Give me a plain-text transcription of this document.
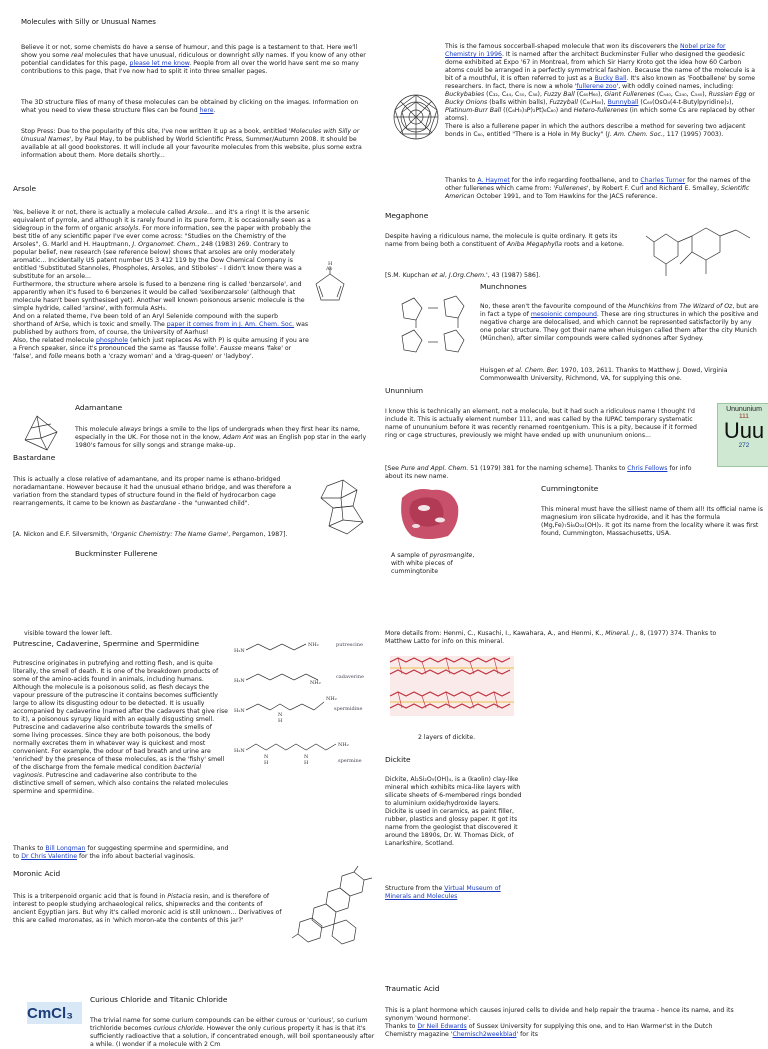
Molecules with Silly or Unusual Names

Believe it or not, some chemists do have a sense of humour, and this page is a testament to that. Here we'll show you some real molecules that have unusual, ridiculous or downright silly names. If you know of any other potential candidates for this page, please let me know. People from all over the world have sent me so many contributions to this page, that I've now had to split it into three smaller pages.

The 3D structure files of many of these molecules can be obtained by clicking on the images. Information on what you need to view these structure files can be found here.

Stop Press: Due to the popularity of this site, I've now written it up as a book, entitled 'Molecules with Silly or Unusual Names', by Paul May, to be published by World Scientific Press, Summer/Autumn 2008. It should be available at all good bookstores. It will include all your favourite molecules from this website, plus some extra information about them. More details shortly...

Arsole

Yes, believe it or not, there is actually a molecule called Arsole... and it's a ring! It is the arsenic equivalent of pyrrole, and although it is rarely found in its pure form, it is occasionally seen as a sidegroup in the form of organic arsolyls. For more information, see the paper with probably the best title of any scientific paper I've ever come across: "Studies on the Chemistry of the Arsoles", G. Markl and H. Hauptmann, J. Organomet. Chem., 248 (1983) 269. Contrary to popular belief, new research (see reference below) shows that arsoles are only moderately aromatic... Incidentally US patent number US 3 412 119 by the Dow Chemical Company is entitled 'Substituted Stannoles, Phospholes, Arsoles, and Stiboles' - I didn't know there was a substitute for an arsole...
Furthermore, the structure where arsole is fused to a benzene ring is called 'benzarsole', and apparently when it's fused to 6 benzenes it would be called 'sexibenzarsole' (although that molecule hasn't been synthesised yet). Another well known poisonous arsenic molecule is the simple hydride, called 'arsine', with formula AsH₃.
And on a related theme, I've been told of an Aryl Selenide compound with the superb shorthand of ArSe, which is toxic and smelly. The paper it comes from in J. Am. Chem. Soc. was published by authors from, of course, the University of Aarhus!
Also, the related molecule phosphole (which just replaces As with P) is quite amusing if you are a French speaker, since it's pronounced the same as 'fausse folle'. Fausse means 'fake' or 'false', and folle means both a 'crazy woman' and a 'drag-queen' or 'ladyboy'.

As
H

Adamantane

This molecule always brings a smile to the lips of undergrads when they first hear its name, especially in the UK. For those not in the know, Adam Ant was an English pop star in the early 1980's famous for silly songs and strange make-up.

Bastardane

This is actually a close relative of adamantane, and its proper name is ethano-bridged noradamantane. However because it had the unusual ethano bridge, and was therefore a variation from the standard types of structure found in the field of hydrocarbon cage rearrangements, it came to be known as bastardane - the "unwanted child".

[A. Nickon and E.F. Silversmith, 'Organic Chemistry: The Name Game', Pergamon, 1987].

Buckminster Fullerene

This is the famous soccerball-shaped molecule that won its discoverers the Nobel prize for Chemistry in 1996. It is named after the architect Buckminster Fuller who designed the geodesic dome exhibited at Expo '67 in Montreal, from which Sir Harry Kroto got the idea how 60 Carbon atoms could be arranged in a perfectly symmetrical fashion. Because the name of the molecule is a bit of a mouthful, it is often referred to just as a Bucky Ball. It's also known as 'Footballene' by some researchers. In fact, there is now a whole 'fullerene zoo', with oddly coined names, including: Buckybabies (C₃₂, C₄₄, C₅₀, C₅₈), Fuzzy Ball (C₆₀H₆₀), Giant Fullerenes (Cₕ₄₀, C₂₄₀, C₅₄₀), Russian Egg or Bucky Onions (balls within balls), Fuzzyball (C₆₀H₆₀), Bunnyball (C₆₀(OsO₄(4-t-Butylpyridine)₂), Platinum-Burr Ball ((C₆H₅)₃P)₂Pt)₆C₆₀) and Hetero-fullerenes (in which some Cs are replaced by other atoms).
There is also a fullerene paper in which the authors describe a method for severing two adjacent bonds in C₆₀, entitled "There is a Hole in My Bucky" (J. Am. Chem. Soc., 117 (1995) 7003).

Thanks to A. Haymet for the info regarding footballene, and to Charles Turner for the names of the other fullerenes which came from: 'Fullerenes', by Robert F. Curl and Richard E. Smalley, Scientific American October 1991, and to Tom Hawkins for the JACS reference.

Megaphone

Despite having a ridiculous name, the molecule is quite ordinary. It gets its name from being both a constituent of Aniba Megaphylla roots and a ketone.

[S.M. Kupchan et al, J.Org.Chem.', 43 (1987) 586].

Munchnones

No, these aren't the favourite compound of the Munchkins from The Wizard of Oz, but are in fact a type of mesoionic compound. These are ring structures in which the positive and negative charge are delocalised, and which cannot be represented satisfactorily by any one polar structure. They got their name when Huisgen called them after the city Munich (München), after similar compounds were called sydnones after Sydney.

Huisgen et al. Chem. Ber. 1970, 103, 2611. Thanks to Matthew J. Dowd, Virginia Commonwealth University, Richmond, VA, for supplying this one.

Ununnium

I know this is technically an element, not a molecule, but it had such a ridiculous name I thought I'd include it. This is actually element number 111, and was called by the IUPAC temporary systematic name of unununium before it was recently renamed roentgenium. This is a pity, because if it formed ring or cage structures, previously we might have ended up with unununium onions...

Unununium
111
Uuu
272

[See Pure and Appl. Chem. 51 (1979) 381 for the naming scheme]. Thanks to Chris Fellows for info about its new name.

Cummingtonite

This mineral must have the silliest name of them all! Its official name is magnesium iron silicate hydroxide, and it has the formula (Mg,Fe)₇Si₈O₂₂(OH)₂. It got its name from the locality where it was first found, Cummington, Massachusetts, USA.

A sample of pyrosmangite, with white pieces of cummingtonite

visible toward the lower left.

Putrescine, Cadaverine, Spermine and Spermidine

Putrescine originates in putrefying and rotting flesh, and is quite literally, the smell of death. It is one of the breakdown products of some of the amino-acids found in animals, including humans. Although the molecule is a poisonous solid, as flesh decays the vapour pressure of the putrescine it contains becomes sufficiently large to allow its disgusting odour to be detected. It is usually accompanied by cadaverine (named after the cadavers that give rise to it), a poisonous syrupy liquid with an equally disgusting smell. Putrescine and cadaverine also contribute towards the smells of some living processes. Since they are both poisonous, the body normally excretes them in whatever way is quickest and most convenient. For example, the odour of bad breath and urine are 'enriched' by the presence of these molecules, as is the 'fishy' smell of the discharge from the female medical condition bacterial vaginosis. Putrescine and cadaverine also contribute to the distinctive smell of semen, which also contains the related molecules spermine and spermidine.

H₂N
NH₂	putrescine
H₂N	NH₂
cadaverine
H₂N
N
H
NH₂
spermidine
H₂N
N
H
N
H
NH₂
spermine

Thanks to Bill Longman for suggesting spermine and spermidine, and to Dr Chris Valentine for the info about bacterial vaginosis.

Moronic Acid

This is a triterpenoid organic acid that is found in Pistacia resin, and is therefore of interest to people studying archaeological relics, shipwrecks and the contents of ancient Egyptian jars. But why it's called moronic acid is still unknown... Derivatives of this are called moronates, as in 'which moron-ate the contents of this jar?'

Curious Chloride and Titanic Chloride

CmCl₃	The trivial name for some curium compounds can be either curous or 'curious', so curium trichloride becomes curious chloride. However the only curious property it has is that it's sufficiently radioactive that a solution, if concentrated enough, will boil spontaneously after a while. (I wonder if a molecule with 2 Cm

More details from: Henmi, C., Kusachi, I., Kawahara, A., and Henmi, K., Mineral. J., 8, (1977) 374. Thanks to Matthew Latto for info on this mineral.

2 layers of dickite.

Dickite

Dickite, Al₂Si₂O₅(OH)₄, is a (kaolin) clay-like mineral which exhibits mica-like layers with silicate sheets of 6-membered rings bonded to aluminium oxide/hydroxide layers. Dickite is used in ceramics, as paint filler, rubber, plastics and glossy paper. It got its name from the geologist that discovered it around the 1890s, Dr. W. Thomas Dick, of Lanarkshire, Scotland.

Structure from the Virtual Museum of Minerals and Molecules

Traumatic Acid

This is a plant hormone which causes injured cells to divide and help repair the trauma - hence its name, and its synonym 'wound hormone'.
Thanks to Dr Neil Edwards of Sussex University for supplying this one, and to Han Warmer'st in the Dutch Chemistry magazine 'Chemisch2weekblad' for its
